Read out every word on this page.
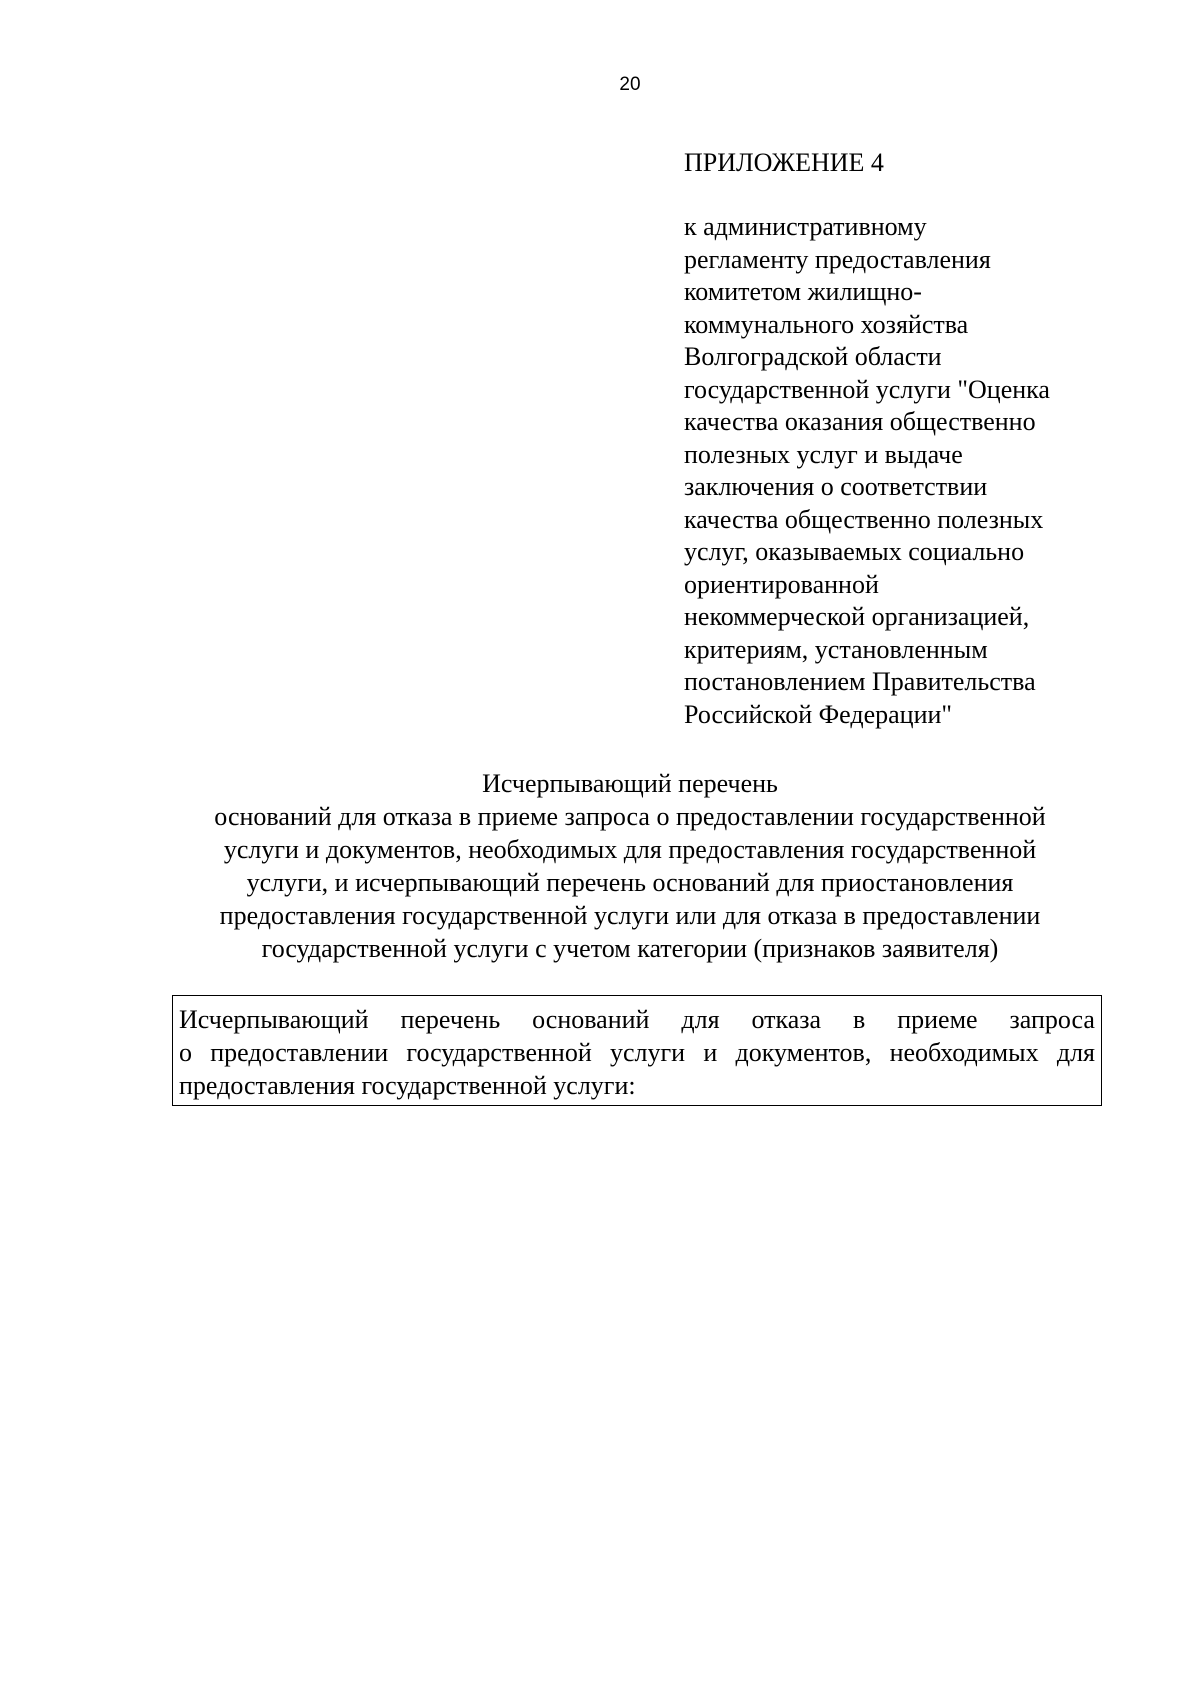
20
ПРИЛОЖЕНИЕ 4
к административному
регламенту предоставления
комитетом жилищно-
коммунального хозяйства
Волгоградской области
государственной услуги "Оценка
качества оказания общественно
полезных услуг и выдаче
заключения о соответствии
качества общественно полезных
услуг, оказываемых социально
ориентированной
некоммерческой организацией,
критериям, установленным
постановлением Правительства
Российской Федерации"
Исчерпывающий перечень
оснований для отказа в приеме запроса о предоставлении государственной
услуги и документов, необходимых для предоставления государственной
услуги, и исчерпывающий перечень оснований для приостановления
предоставления государственной услуги или для отказа в предоставлении
государственной услуги с учетом категории (признаков заявителя)
Исчерпывающий перечень оснований для отказа в приеме запроса
о предоставлении государственной услуги и документов, необходимых для
предоставления государственной услуги:
